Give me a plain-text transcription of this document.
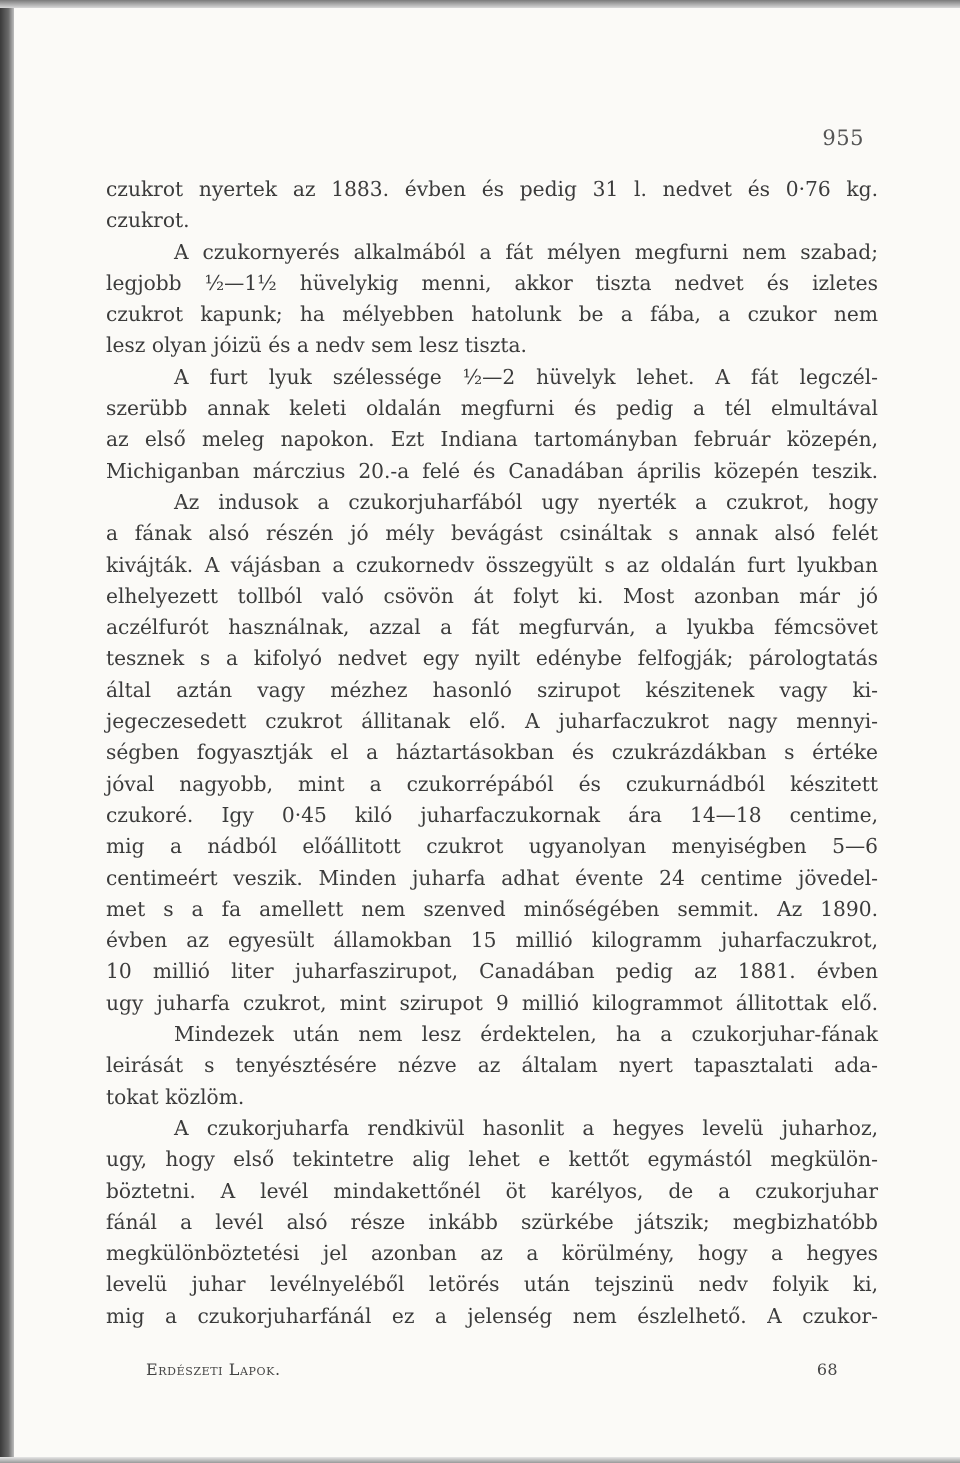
955
czukrot nyertek az 1883. évben és pedig 31 l. nedvet és 0·76 kg.
czukrot.
A czukornyerés alkalmából a fát mélyen megfurni nem szabad;
legjobb ½—1½ hüvelykig menni, akkor tiszta nedvet és izletes
czukrot kapunk; ha mélyebben hatolunk be a fába, a czukor nem
lesz olyan jóizü és a nedv sem lesz tiszta.
A furt lyuk szélessége ½—2 hüvelyk lehet. A fát legczél-
szerübb annak keleti oldalán megfurni és pedig a tél elmultával
az első meleg napokon. Ezt Indiana tartományban február közepén,
Michiganban márczius 20.-a felé és Canadában április közepén teszik.
Az indusok a czukorjuharfából ugy nyerték a czukrot, hogy
a fának alsó részén jó mély bevágást csináltak s annak alsó felét
kivájták. A vájásban a czukornedv összegyült s az oldalán furt lyukban
elhelyezett tollból való csövön át folyt ki. Most azonban már jó
aczélfurót használnak, azzal a fát megfurván, a lyukba fémcsövet
tesznek s a kifolyó nedvet egy nyilt edénybe felfogják; párologtatás
által aztán vagy mézhez hasonló szirupot készitenek vagy ki-
jegeczesedett czukrot állitanak elő. A juharfaczukrot nagy mennyi-
ségben fogyasztják el a háztartásokban és czukrázdákban s értéke
jóval nagyobb, mint a czukorrépából és czukurnádból készitett
czukoré. Igy 0·45 kiló juharfaczukornak ára 14—18 centime,
mig a nádból előállitott czukrot ugyanolyan menyiségben 5—6
centimeért veszik. Minden juharfa adhat évente 24 centime jövedel-
met s a fa amellett nem szenved minőségében semmit. Az 1890.
évben az egyesült államokban 15 millió kilogramm juharfaczukrot,
10 millió liter juharfaszirupot, Canadában pedig az 1881. évben
ugy juharfa czukrot, mint szirupot 9 millió kilogrammot állitottak elő.
Mindezek után nem lesz érdektelen, ha a czukorjuhar-fának
leirását s tenyésztésére nézve az általam nyert tapasztalati ada-
tokat közlöm.
A czukorjuharfa rendkivül hasonlit a hegyes levelü juharhoz,
ugy, hogy első tekintetre alig lehet e kettőt egymástól megkülön-
böztetni. A levél mindakettőnél öt karélyos, de a czukorjuhar
fánál a levél alsó része inkább szürkébe játszik; megbizhatóbb
megkülönböztetési jel azonban az a körülmény, hogy a hegyes
levelü juhar levélnyeléből letörés után tejszinü nedv folyik ki,
mig a czukorjuharfánál ez a jelenség nem észlelhető. A czukor-
Erdészeti Lapok.	68
